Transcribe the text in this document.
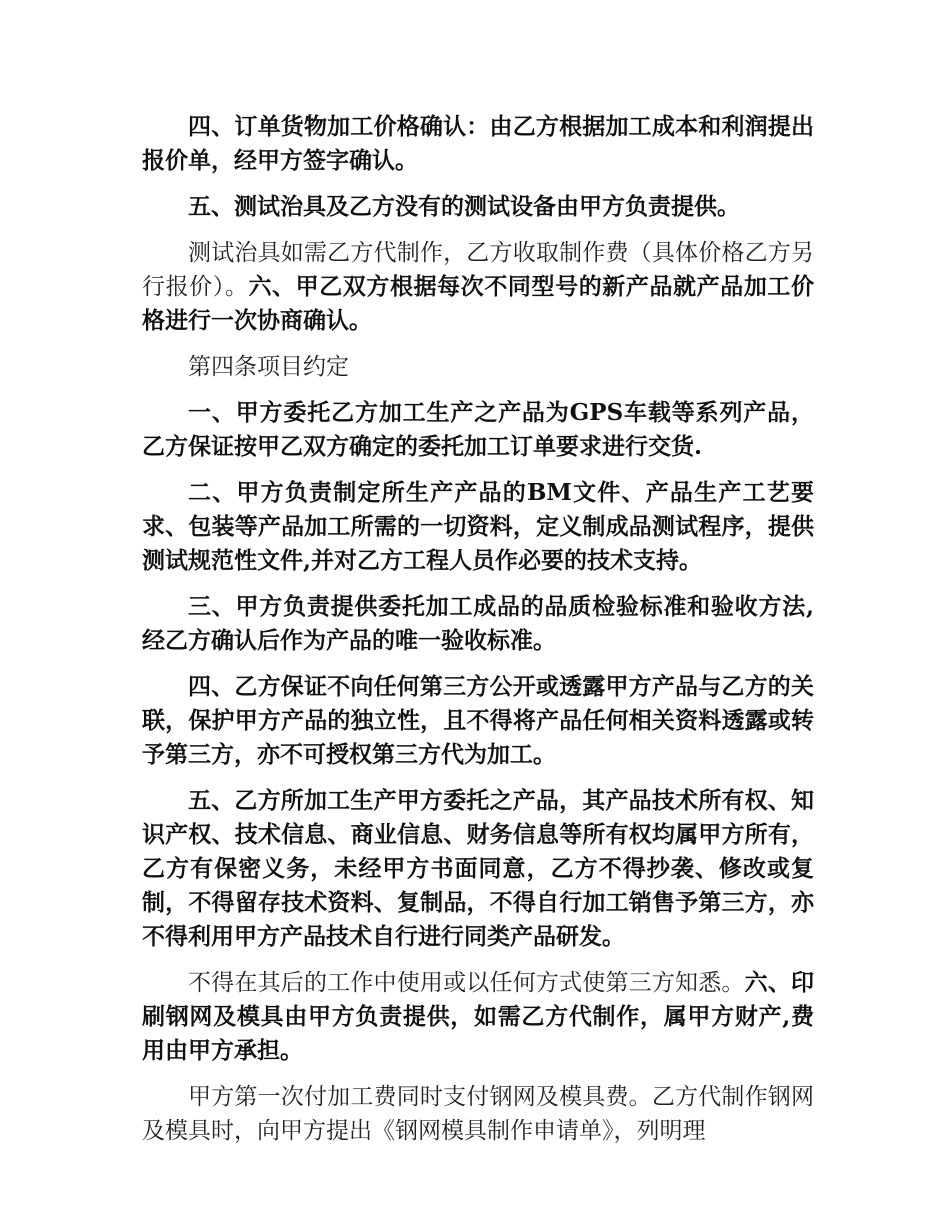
四、订单货物加工价格确认：由乙方根据加工成本和利润提出报价单，经甲方签字确认。

五、测试治具及乙方没有的测试设备由甲方负责提供。

测试治具如需乙方代制作，乙方收取制作费（具体价格乙方另行报价）。六、甲乙双方根据每次不同型号的新产品就产品加工价格进行一次协商确认。

第四条项目约定

一、甲方委托乙方加工生产之产品为GPS车载等系列产品，乙方保证按甲乙双方确定的委托加工订单要求进行交货.

二、甲方负责制定所生产产品的BM文件、产品生产工艺要求、包装等产品加工所需的一切资料，定义制成品测试程序，提供测试规范性文件,并对乙方工程人员作必要的技术支持。

三、甲方负责提供委托加工成品的品质检验标准和验收方法,经乙方确认后作为产品的唯一验收标准。

四、乙方保证不向任何第三方公开或透露甲方产品与乙方的关联，保护甲方产品的独立性，且不得将产品任何相关资料透露或转予第三方，亦不可授权第三方代为加工。

五、乙方所加工生产甲方委托之产品，其产品技术所有权、知识产权、技术信息、商业信息、财务信息等所有权均属甲方所有，乙方有保密义务，未经甲方书面同意，乙方不得抄袭、修改或复制，不得留存技术资料、复制品，不得自行加工销售予第三方，亦不得利用甲方产品技术自行进行同类产品研发。

不得在其后的工作中使用或以任何方式使第三方知悉。六、印刷钢网及模具由甲方负责提供，如需乙方代制作，属甲方财产,费用由甲方承担。

甲方第一次付加工费同时支付钢网及模具费。乙方代制作钢网及模具时，向甲方提出《钢网模具制作申请单》，列明理
